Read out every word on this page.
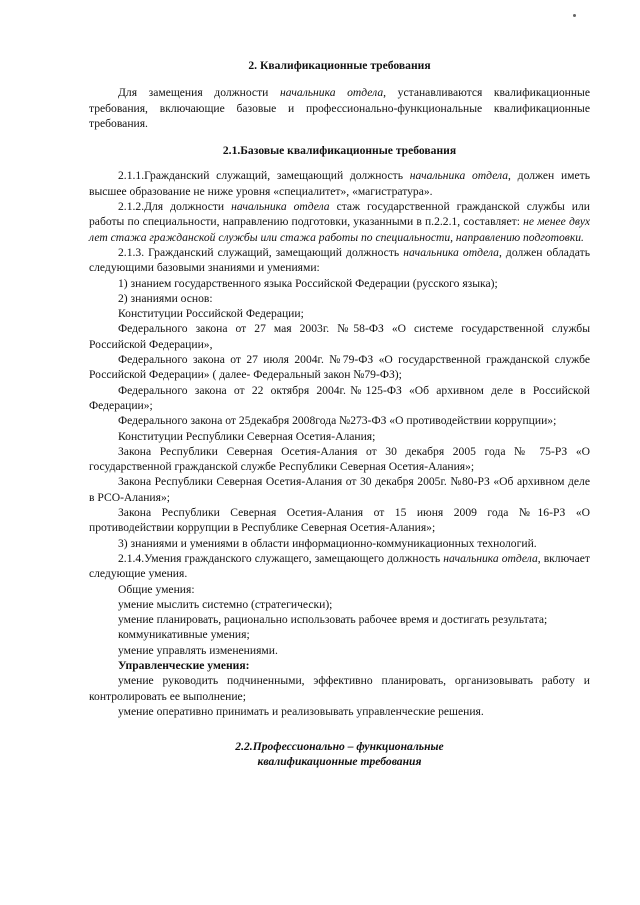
2. Квалификационные требования

Для замещения должности начальника отдела, устанавливаются квалификационные требования, включающие базовые и профессионально-функциональные квалификационные требования.

2.1.Базовые квалификационные требования

2.1.1.Гражданский служащий, замещающий должность начальника отдела, должен иметь высшее образование не ниже уровня «специалитет», «магистратура».

2.1.2.Для должности начальника отдела стаж государственной гражданской службы или работы по специальности, направлению подготовки, указанными в п.2.2.1, составляет: не менее двух лет стажа гражданской службы или стажа работы по специальности, направлению подготовки.

2.1.3. Гражданский служащий, замещающий должность начальника отдела, должен обладать следующими базовыми знаниями и умениями:

1) знанием государственного языка Российской Федерации (русского языка);

2) знаниями основ:

Конституции Российской Федерации;

Федерального закона от 27 мая 2003г. №58-ФЗ «О системе государственной службы Российской Федерации»,

Федерального закона от 27 июля 2004г. №79-ФЗ «О государственной гражданской службе Российской Федерации» ( далее- Федеральный закон №79-ФЗ);

Федерального закона от 22 октября 2004г.№125-ФЗ «Об архивном деле в Российской Федерации»;

Федерального закона от 25декабря 2008года №273-ФЗ «О противодействии коррупции»;

Конституции Республики Северная Осетия-Алания;

Закона Республики Северная Осетия-Алания от 30 декабря 2005 года № 75-РЗ «О государственной гражданской службе Республики Северная Осетия-Алания»;

Закона Республики Северная Осетия-Алания от 30 декабря 2005г. №80-РЗ «Об архивном деле в РСО-Алания»;

Закона Республики Северная Осетия-Алания от 15 июня 2009 года №16-РЗ «О противодействии коррупции в Республике Северная Осетия-Алания»;

3) знаниями и умениями в области информационно-коммуникационных технологий.

2.1.4.Умения гражданского служащего, замещающего должность начальника отдела, включает следующие умения.

Общие умения:

умение мыслить системно (стратегически);

умение планировать, рационально использовать рабочее время и достигать результата;

коммуникативные умения;

умение управлять изменениями.

Управленческие умения:

умение руководить подчиненными, эффективно планировать, организовывать работу и контролировать ее выполнение;

умение оперативно принимать и реализовывать управленческие решения.

2.2.Профессионально – функциональные
квалификационные требования
